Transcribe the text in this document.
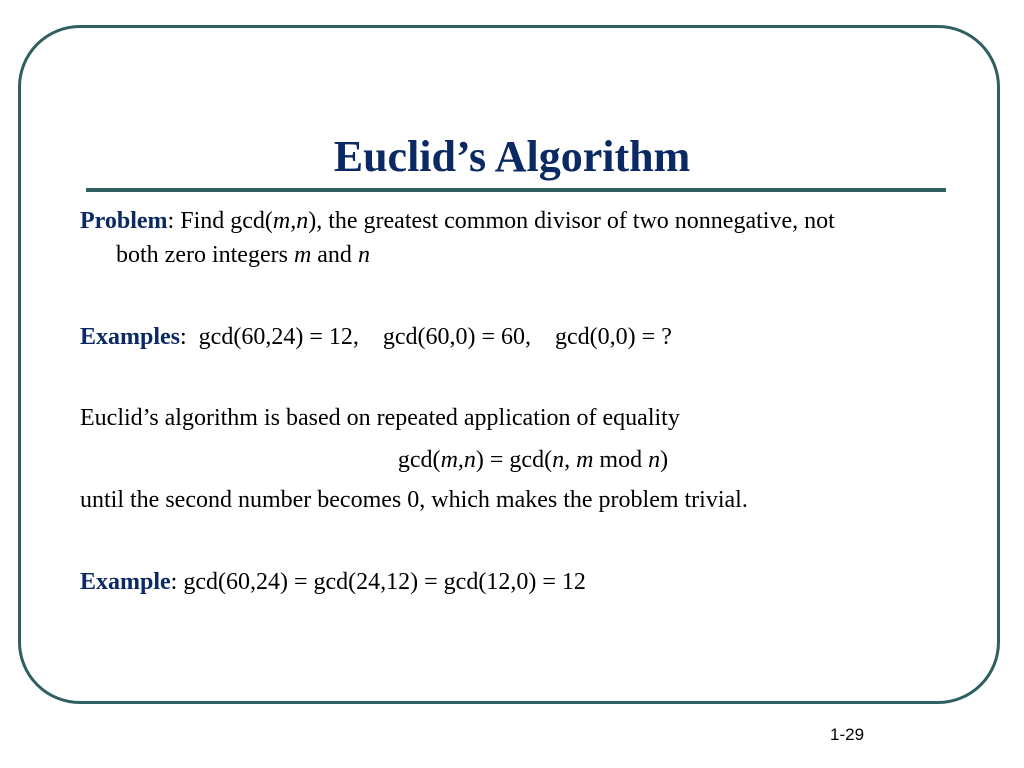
Euclid’s Algorithm
Problem: Find gcd(m,n), the greatest common divisor of two nonnegative, not
both zero integers m and n
Examples:  gcd(60,24) = 12,    gcd(60,0) = 60,    gcd(0,0) = ?
Euclid’s algorithm is based on repeated application of equality
gcd(m,n) = gcd(n, m mod n)
until the second number becomes 0, which makes the problem trivial.
Example: gcd(60,24) = gcd(24,12) = gcd(12,0) = 12
1-29
